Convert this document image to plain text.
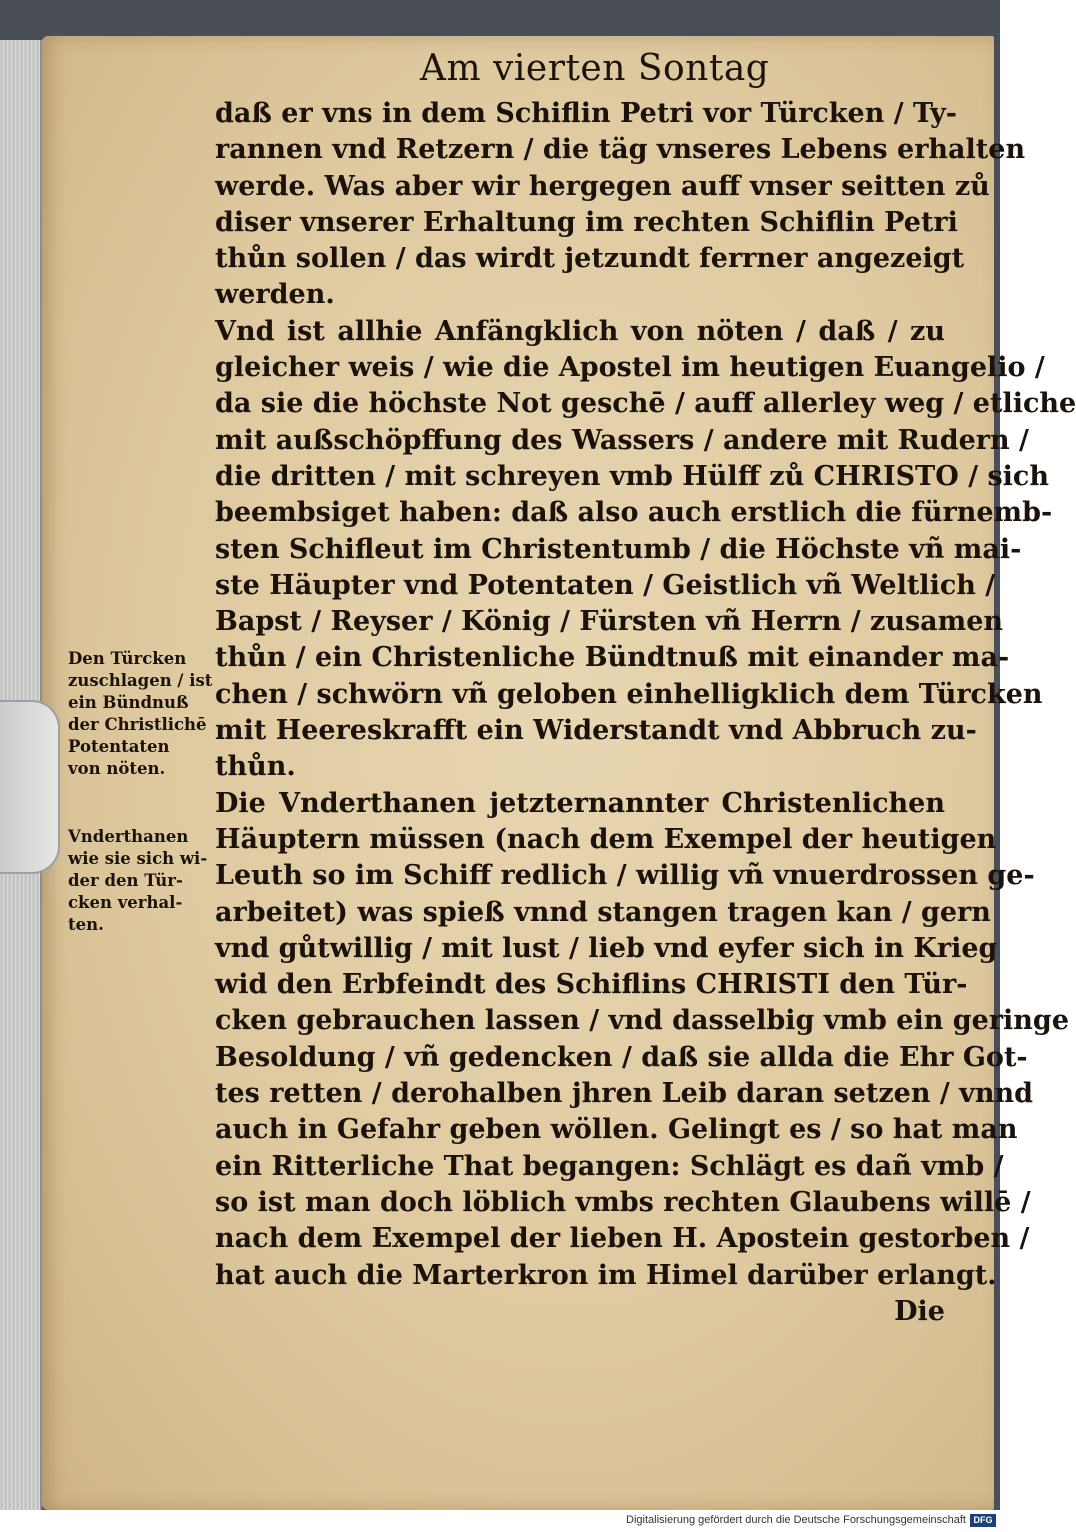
Am vierten Sontag
daß er vns in dem Schiflin Petri vor Türcken / Ty-
rannen vnd Retzern / die täg vnseres Lebens erhalten
werde. Was aber wir hergegen auff vnser seitten zů
diser vnserer Erhaltung im rechten Schiflin Petri
thůn sollen / das wirdt jetzundt ferrner angezeigt
werden.
Vnd ist allhie Anfängklich von nöten / daß / zu
gleicher weis / wie die Apostel im heutigen Euangelio /
da sie die höchste Not geschē / auff allerley weg / etliche
mit außschöpffung des Wassers / andere mit Rudern /
die dritten / mit schreyen vmb Hülff zů CHRISTO / sich
beembsiget haben: daß also auch erstlich die fürnemb-
sten Schifleut im Christentumb / die Höchste vñ mai-
ste Häupter vnd Potentaten / Geistlich vñ Weltlich /
Bapst / Reyser / König / Fürsten vñ Herrn / zusamen
thůn / ein Christenliche Bündtnuß mit einander ma-
chen / schwörn vñ geloben einhelligklich dem Türcken
mit Heereskrafft ein Widerstandt vnd Abbruch zu-
thůn.
Die Vnderthanen jetzternannter Christenlichen
Häuptern müssen (nach dem Exempel der heutigen
Leuth so im Schiff redlich / willig vñ vnuerdrossen ge-
arbeitet) was spieß vnnd stangen tragen kan / gern
vnd gůtwillig / mit lust / lieb vnd eyfer sich in Krieg
wid den Erbfeindt des Schiflins CHRISTI den Tür-
cken gebrauchen lassen / vnd dasselbig vmb ein geringe
Besoldung / vñ gedencken / daß sie allda die Ehr Got-
tes retten / derohalben jhren Leib daran setzen / vnnd
auch in Gefahr geben wöllen. Gelingt es / so hat man
ein Ritterliche That begangen: Schlägt es dañ vmb /
so ist man doch löblich vmbs rechten Glaubens willē /
nach dem Exempel der lieben H. Apostein gestorben /
hat auch die Marterkron im Himel darüber erlangt.
Die
Den Türcken
zuschlagen / ist
ein Bündnuß
der Christlichē
Potentaten
von nöten.
Vnderthanen
wie sie sich wi-
der den Tür-
cken verhal-
ten.
Digitalisierung gefördert durch die Deutsche Forschungsgemeinschaft DFG
